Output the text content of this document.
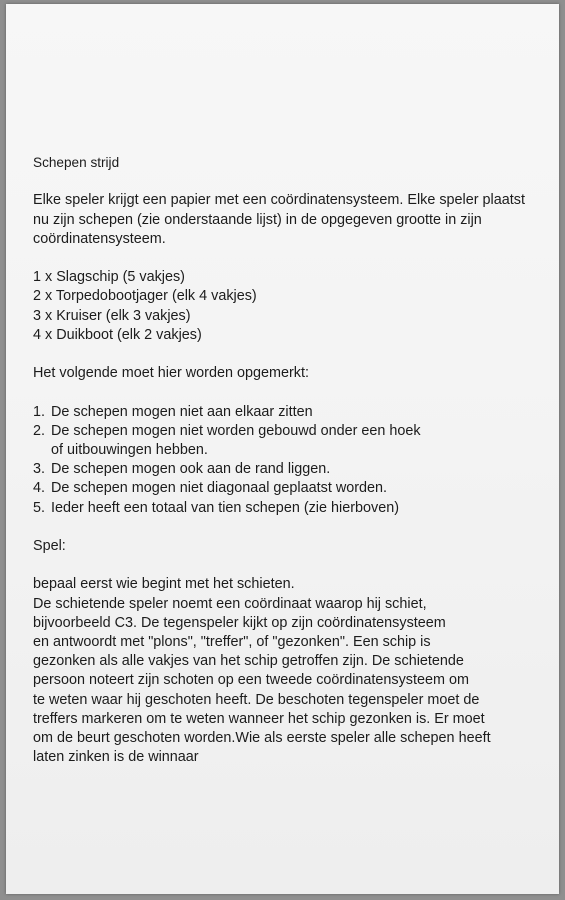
Schepen strijd

Elke speler krijgt een papier met een coördinatensysteem. Elke speler plaatst

nu zijn schepen (zie onderstaande lijst) in de opgegeven grootte in zijn

coördinatensysteem.

1 x Slagschip (5 vakjes)

2 x Torpedobootjager (elk 4 vakjes)

3 x Kruiser (elk 3 vakjes)

4 x Duikboot (elk 2 vakjes)

Het volgende moet hier worden opgemerkt:

1. De schepen mogen niet aan elkaar zitten

2. De schepen mogen niet worden gebouwd onder een hoek

of uitbouwingen hebben.

3. De schepen mogen ook aan de rand liggen.

4. De schepen mogen niet diagonaal geplaatst worden.

5. Ieder heeft een totaal van tien schepen (zie hierboven)

Spel:

bepaal eerst wie begint met het schieten.

De schietende speler noemt een coördinaat waarop hij schiet,

bijvoorbeeld C3. De tegenspeler kijkt op zijn coördinatensysteem

en antwoordt met "plons", "treffer", of "gezonken". Een schip is

gezonken als alle vakjes van het schip getroffen zijn. De schietende

persoon noteert zijn schoten op een tweede coördinatensysteem om

te weten waar hij geschoten heeft. De beschoten tegenspeler moet de

treffers markeren om te weten wanneer het schip gezonken is. Er moet

om de beurt geschoten worden.Wie als eerste speler alle schepen heeft

laten zinken is de winnaar
